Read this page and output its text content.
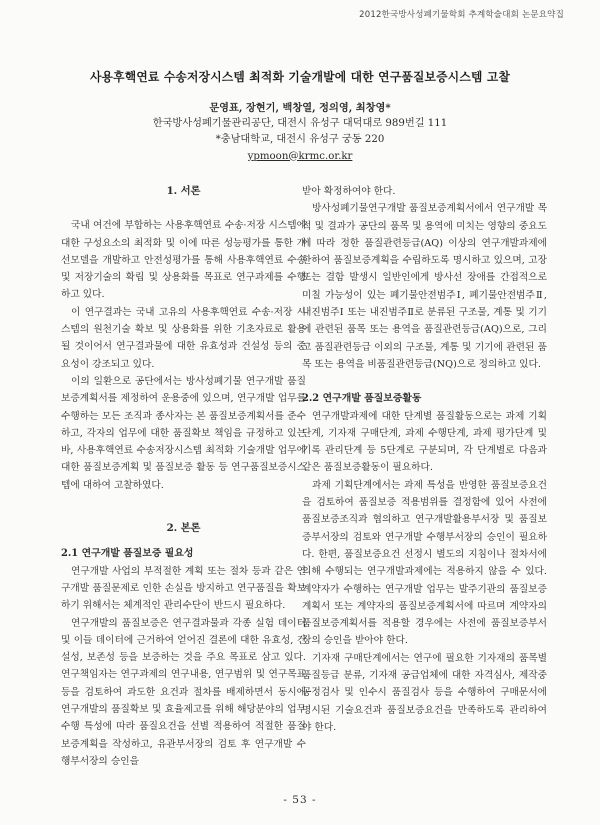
2012한국방사성폐기물학회 추계학술대회 논문요약집
사용후핵연료 수송저장시스템 최적화 기술개발에 대한 연구품질보증시스템 고찰
문영표, 장현기, 백창열, 정의영, 최창영*
한국방사성폐기물관리공단, 대전시 유성구 대덕대로 989번길 111
*충남대학교, 대전시 유성구 궁동 220
ypmoon@krmc.or.kr

1. 서론

국내 여건에 부합하는 사용후핵연료 수송·저장 시스템에 대한 구성요소의 최적화 및 이에 따른 성능평가를 통한 개선모델을 개발하고 안전성평가를 통해 사용후핵연료 수송 및 저장기술의 확립 및 상용화를 목표로 연구과제를 수행하고 있다.

이 연구결과는 국내 고유의 사용후핵연료 수송·저장 시스템의 원천기술 확보 및 상용화를 위한 기초자료로 활용될 것이어서 연구결과물에 대한 유효성과 건설성 등의 중요성이 강조되고 있다.

이의 일환으로 공단에서는 방사성폐기물 연구개발 품질보증계획서를 제정하여 운용중에 있으며, 연구개발 업무를 수행하는 모든 조직과 종사자는 본 품질보증계획서를 준수하고, 각자의 업무에 대한 품질확보 책임을 규정하고 있는 바, 사용후핵연료 수송저장시스템 최적화 기술개발 업무에 대한 품질보증계획 및 품질보증 활동 등 연구품질보증시스템에 대하여 고찰하였다.

2. 본론

2.1 연구개발 품질보증 필요성

연구개발 사업의 부적절한 계획 또는 절차 등과 같은 연구개발 품질문제로 인한 손실을 방지하고 연구품질을 확보하기 위해서는 체계적인 관리수단이 반드시 필요하다.

연구개발의 품질보증은 연구결과물과 각종 실험 데이터 및 이들 데이터에 근거하여 얻어진 결론에 대한 유효성, 건설성, 보존성 등을 보증하는 것을 주요 목표로 삼고 있다. 연구책임자는 연구과제의 연구내용, 연구범위 및 연구목표 등을 검토하여 과도한 요건과 절차를 배제하면서 동시에 연구개발의 품질확보 및 효율제고를 위해 해당분야의 업무수행 특성에 따라 품질요건을 선별 적용하여 적절한 품질보증계획을 작성하고, 유관부서장의 검토 후 연구개발 수행부서장의 승인을

받아 확정하여야 한다.

방사성폐기물연구개발 품질보증계획서에서 연구개발 목적 및 결과가 공단의 품목 및 용역에 미치는 영향의 중요도에 따라 정한 품질관련등급(AQ) 이상의 연구개발과제에 한하여 품질보증계획을 수립하도록 명시하고 있으며, 고장 또는 결함 발생시 일반인에게 방사선 장애를 간접적으로 미칠 가능성이 있는 폐기물안전범주Ⅰ, 폐기물안전범주Ⅱ, 내진범주Ⅰ 또는 내진범주Ⅱ로 분류된 구조물, 계통 및 기기에 관련된 품목 또는 용역을 품질관련등급(AQ)으로, 그리고 품질관련등급 이외의 구조물, 계통 및 기기에 관련된 품목 또는 용역을 비품질관련등급(NQ)으로 정의하고 있다.

2.2 연구개발 품질보증활동

연구개발과제에 대한 단계별 품질활동으로는 과제 기획단계, 기자재 구매단계, 과제 수행단계, 과제 평가단계 및 기록 관리단계 등 5단계로 구분되며, 각 단계별로 다음과 같은 품질보증활동이 필요하다.

과제 기획단계에서는 과제 특성을 반영한 품질보증요건을 검토하여 품질보증 적용범위를 결정함에 있어 사전에 품질보증조직과 협의하고 연구개발활용부서장 및 품질보증부서장의 검토와 연구개발 수행부서장의 승인이 필요하다. 한편, 품질보증요건 선정시 별도의 지침이나 절차서에 의해 수행되는 연구개발과제에는 적용하지 않을 수 있다. 계약자가 수행하는 연구개발 업무는 발주기관의 품질보증계획서 또는 계약자의 품질보증계획서에 따르며 계약자의 품질보증계획서를 적용할 경우에는 사전에 품질보증부서장의 승인을 받아야 한다.

기자재 구매단계에서는 연구에 필요한 기자재의 품목별 품질등급 분류, 기자재 공급업체에 대한 자격심사, 제작중 공정검사 및 인수시 품질검사 등을 수행하여 구매문서에 명시된 기술요건과 품질보증요건을 만족하도록 관리하여야 한다.

- 53 -
